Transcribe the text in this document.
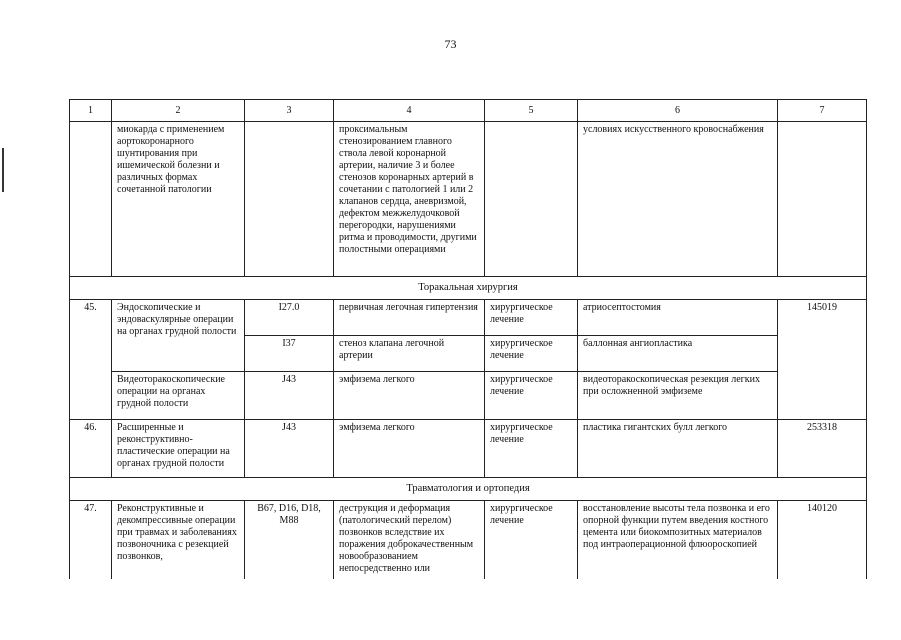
73
1	2	3	4	5	6	7
	миокарда с применением аортокоронарного шунтирования при ишемической болезни и различных формах сочетанной патологии		проксимальным стенозированием главного ствола левой коронарной артерии, наличие 3 и более стенозов коронарных артерий в сочетании с патологией 1 или 2 клапанов сердца, аневризмой, дефектом межжелудочковой перегородки, нарушениями ритма и проводимости, другими полостными операциями		условиях искусственного кровоснабжения	
Торакальная хирургия						
45.	Эндоскопические и эндоваскулярные операции на органах грудной полости	I27.0	первичная легочная гипертензия	хирургическое лечение	атриосептостомия	145019
		I37	стеноз клапана легочной артерии	хирургическое лечение	баллонная ангиопластика	
	Видеоторакоскопические операции на органах грудной полости	J43	эмфизема легкого	хирургическое лечение	видеоторакоскопическая резекция легких при осложненной эмфиземе	
46.	Расширенные и реконструктивно-пластические операции на органах грудной полости	J43	эмфизема легкого	хирургическое лечение	пластика гигантских булл легкого	253318
Травматология и ортопедия						
47.	Реконструктивные и декомпрессивные операции при травмах и заболеваниях позвоночника с резекцией позвонков,	B67, D16, D18, M88	деструкция и деформация (патологический перелом) позвонков вследствие их поражения доброкачественным новообразованием непосредственно или	хирургическое лечение	восстановление высоты тела позвонка и его опорной функции путем введения костного цемента или биокомпозитных материалов под интраоперационной флюороскопией	140120
